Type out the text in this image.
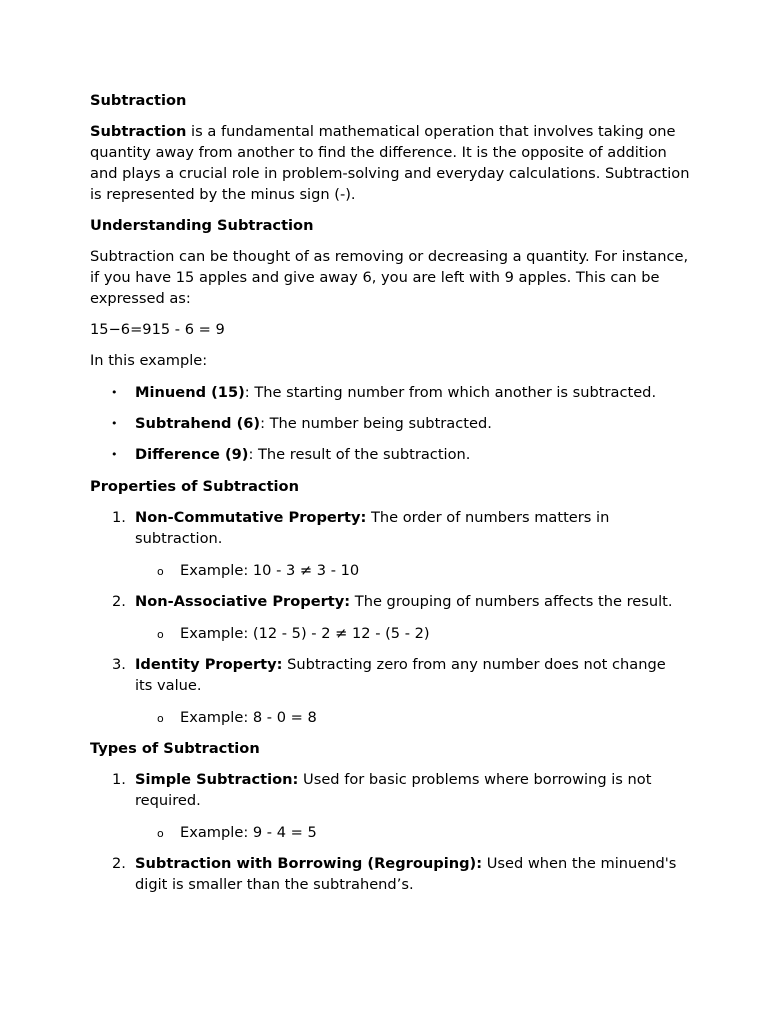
Subtraction

Subtraction is a fundamental mathematical operation that involves taking one quantity away from another to find the difference. It is the opposite of addition and plays a crucial role in problem-solving and everyday calculations. Subtraction is represented by the minus sign (-).

Understanding Subtraction

Subtraction can be thought of as removing or decreasing a quantity. For instance, if you have 15 apples and give away 6, you are left with 9 apples. This can be expressed as:

15−6=915 - 6 = 9

In this example:

• Minuend (15): The starting number from which another is subtracted.
• Subtrahend (6): The number being subtracted.
• Difference (9): The result of the subtraction.
Properties of Subtraction
1. Non-Commutative Property: The order of numbers matters in subtraction.
o Example: 10 - 3 ≠ 3 - 10
2. Non-Associative Property: The grouping of numbers affects the result.
o Example: (12 - 5) - 2 ≠ 12 - (5 - 2)
3. Identity Property: Subtracting zero from any number does not change its value.
o Example: 8 - 0 = 8
Types of Subtraction
1. Simple Subtraction: Used for basic problems where borrowing is not required.
o Example: 9 - 4 = 5
2. Subtraction with Borrowing (Regrouping): Used when the minuend's digit is smaller than the subtrahend’s.
